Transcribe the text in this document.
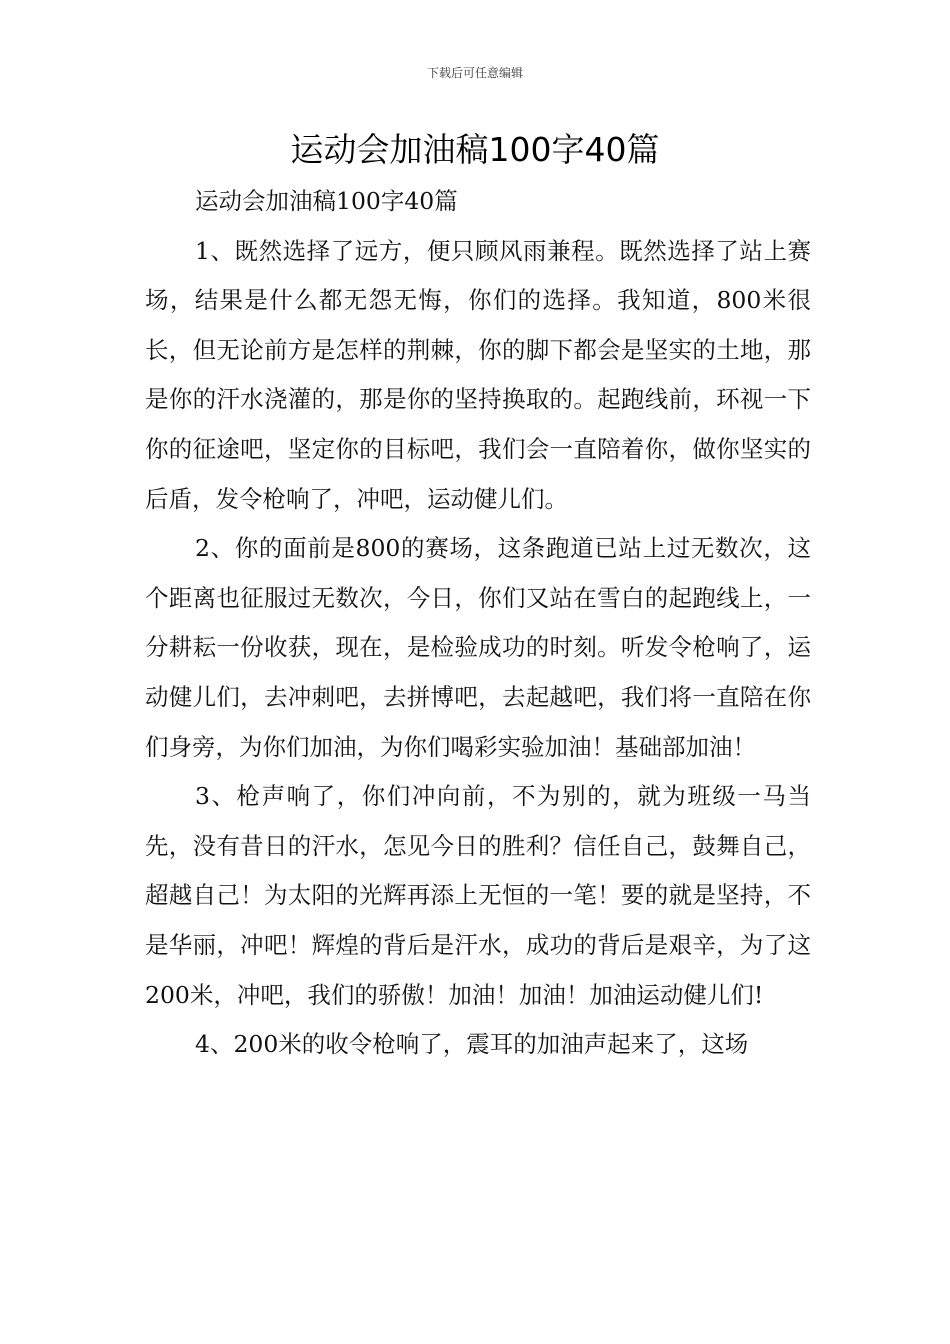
下载后可任意编辑
运动会加油稿100字40篇

运动会加油稿100字40篇

1、既然选择了远方，便只顾风雨兼程。既然选择了站上赛场，结果是什么都无怨无悔，你们的选择。我知道，800米很长，但无论前方是怎样的荆棘，你的脚下都会是坚实的土地，那是你的汗水浇灌的，那是你的坚持换取的。起跑线前，环视一下你的征途吧，坚定你的目标吧，我们会一直陪着你，做你坚实的后盾，发令枪响了，冲吧，运动健儿们。

2、你的面前是800的赛场，这条跑道已站上过无数次，这个距离也征服过无数次，今日，你们又站在雪白的起跑线上，一分耕耘一份收获，现在，是检验成功的时刻。听发令枪响了，运动健儿们，去冲刺吧，去拼博吧，去起越吧，我们将一直陪在你们身旁，为你们加油，为你们喝彩实验加油！基础部加油！

3、枪声响了，你们冲向前，不为别的，就为班级一马当先，没有昔日的汗水，怎见今日的胜利？信任自己，鼓舞自己，超越自己！为太阳的光辉再添上无恒的一笔！要的就是坚持，不是华丽，冲吧！辉煌的背后是汗水，成功的背后是艰辛，为了这200米，冲吧，我们的骄傲！加油！加油！加油运动健儿们!

4、200米的收令枪响了，震耳的加油声起来了，这场
